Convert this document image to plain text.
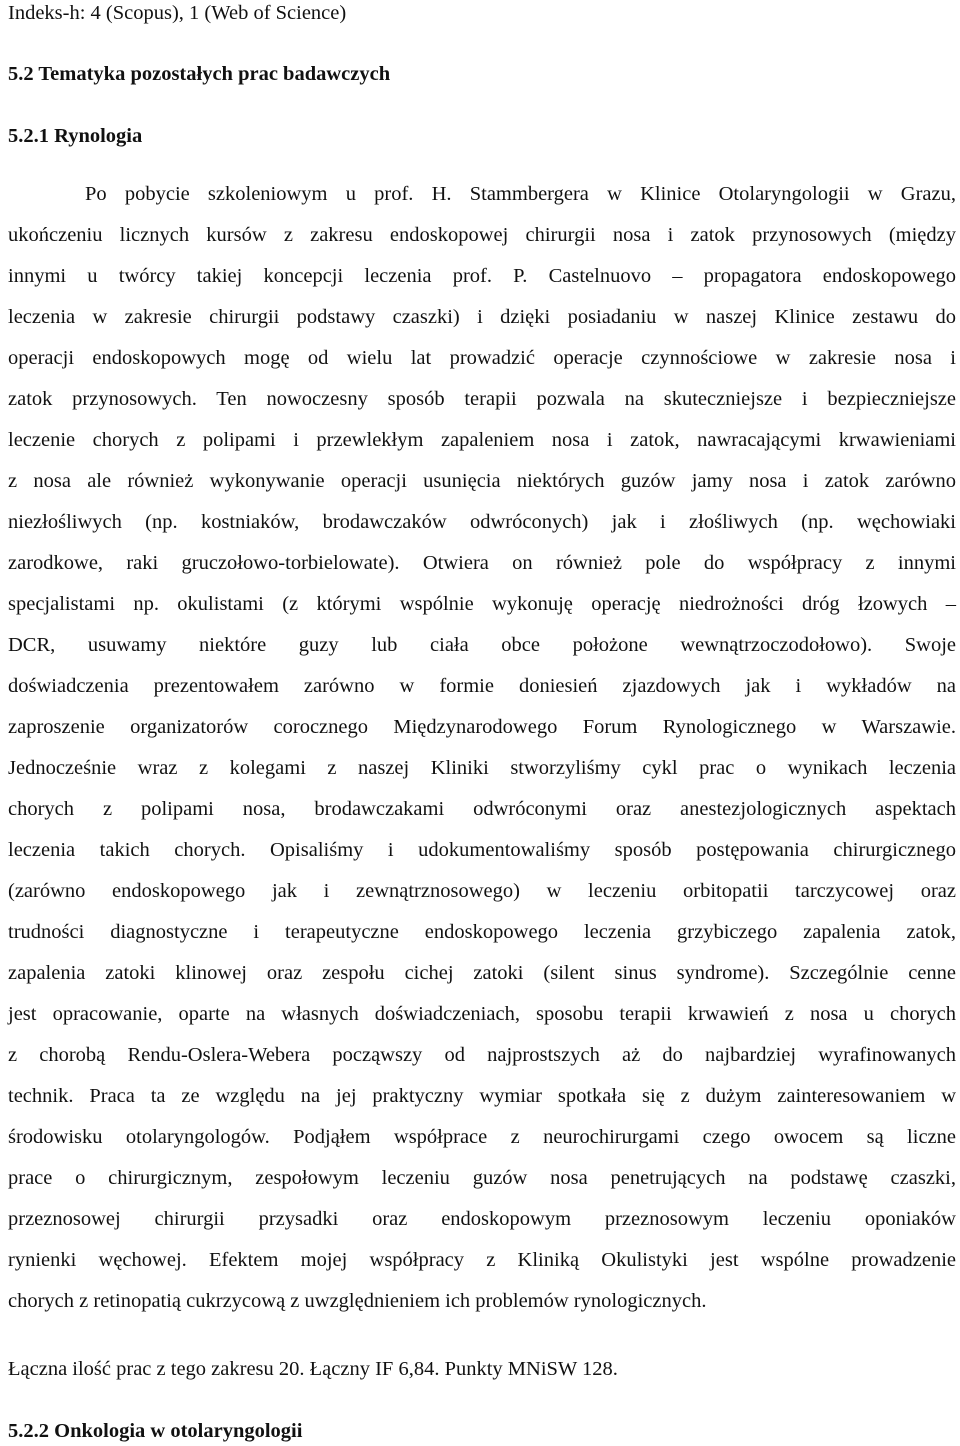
Indeks-h: 4 (Scopus), 1 (Web of Science)
5.2 Tematyka pozostałych prac badawczych
5.2.1 Rynologia
Po pobycie szkoleniowym u prof. H. Stammbergera w Klinice Otolaryngologii w Grazu,
ukończeniu licznych kursów z zakresu endoskopowej chirurgii nosa i zatok przynosowych (między
innymi u twórcy takiej koncepcji leczenia prof. P. Castelnuovo – propagatora endoskopowego
leczenia w zakresie chirurgii podstawy czaszki) i dzięki posiadaniu w naszej Klinice zestawu do
operacji endoskopowych mogę od wielu lat prowadzić operacje czynnościowe w zakresie nosa i
zatok przynosowych. Ten nowoczesny sposób terapii pozwala na skuteczniejsze i bezpieczniejsze
leczenie chorych z polipami i przewlekłym zapaleniem nosa i zatok, nawracającymi krwawieniami
z nosa ale również wykonywanie operacji usunięcia niektórych guzów jamy nosa i zatok zarówno
niezłośliwych (np. kostniaków, brodawczaków odwróconych) jak i złośliwych (np. węchowiaki
zarodkowe, raki gruczołowo-torbielowate). Otwiera on również pole do współpracy z innymi
specjalistami np. okulistami (z którymi wspólnie wykonuję operację niedrożności dróg łzowych –
DCR, usuwamy niektóre guzy lub ciała obce położone wewnątrzoczodołowo). Swoje
doświadczenia prezentowałem zarówno w formie doniesień zjazdowych jak i wykładów na
zaproszenie organizatorów corocznego Międzynarodowego Forum Rynologicznego w Warszawie.
Jednocześnie wraz z kolegami z naszej Kliniki stworzyliśmy cykl prac o wynikach leczenia
chorych z polipami nosa, brodawczakami odwróconymi oraz anestezjologicznych aspektach
leczenia takich chorych. Opisaliśmy i udokumentowaliśmy sposób postępowania chirurgicznego
(zarówno endoskopowego jak i zewnątrznosowego) w leczeniu orbitopatii tarczycowej oraz
trudności diagnostyczne i terapeutyczne endoskopowego leczenia grzybiczego zapalenia zatok,
zapalenia zatoki klinowej oraz zespołu cichej zatoki (silent sinus syndrome). Szczególnie cenne
jest opracowanie, oparte na własnych doświadczeniach, sposobu terapii krwawień z nosa u chorych
z chorobą Rendu-Oslera-Webera począwszy od najprostszych aż do najbardziej wyrafinowanych
technik. Praca ta ze względu na jej praktyczny wymiar spotkała się z dużym zainteresowaniem w
środowisku otolaryngologów. Podjąłem współprace z neurochirurgami czego owocem są liczne
prace o chirurgicznym, zespołowym leczeniu guzów nosa penetrujących na podstawę czaszki,
przeznosowej chirurgii przysadki oraz endoskopowym przeznosowym leczeniu oponiaków
rynienki węchowej. Efektem mojej współpracy z Kliniką Okulistyki jest wspólne prowadzenie
chorych z retinopatią cukrzycową z uwzględnieniem ich problemów rynologicznych.
Łączna ilość prac z tego zakresu 20. Łączny IF 6,84. Punkty MNiSW 128.
5.2.2 Onkologia w otolaryngologii
